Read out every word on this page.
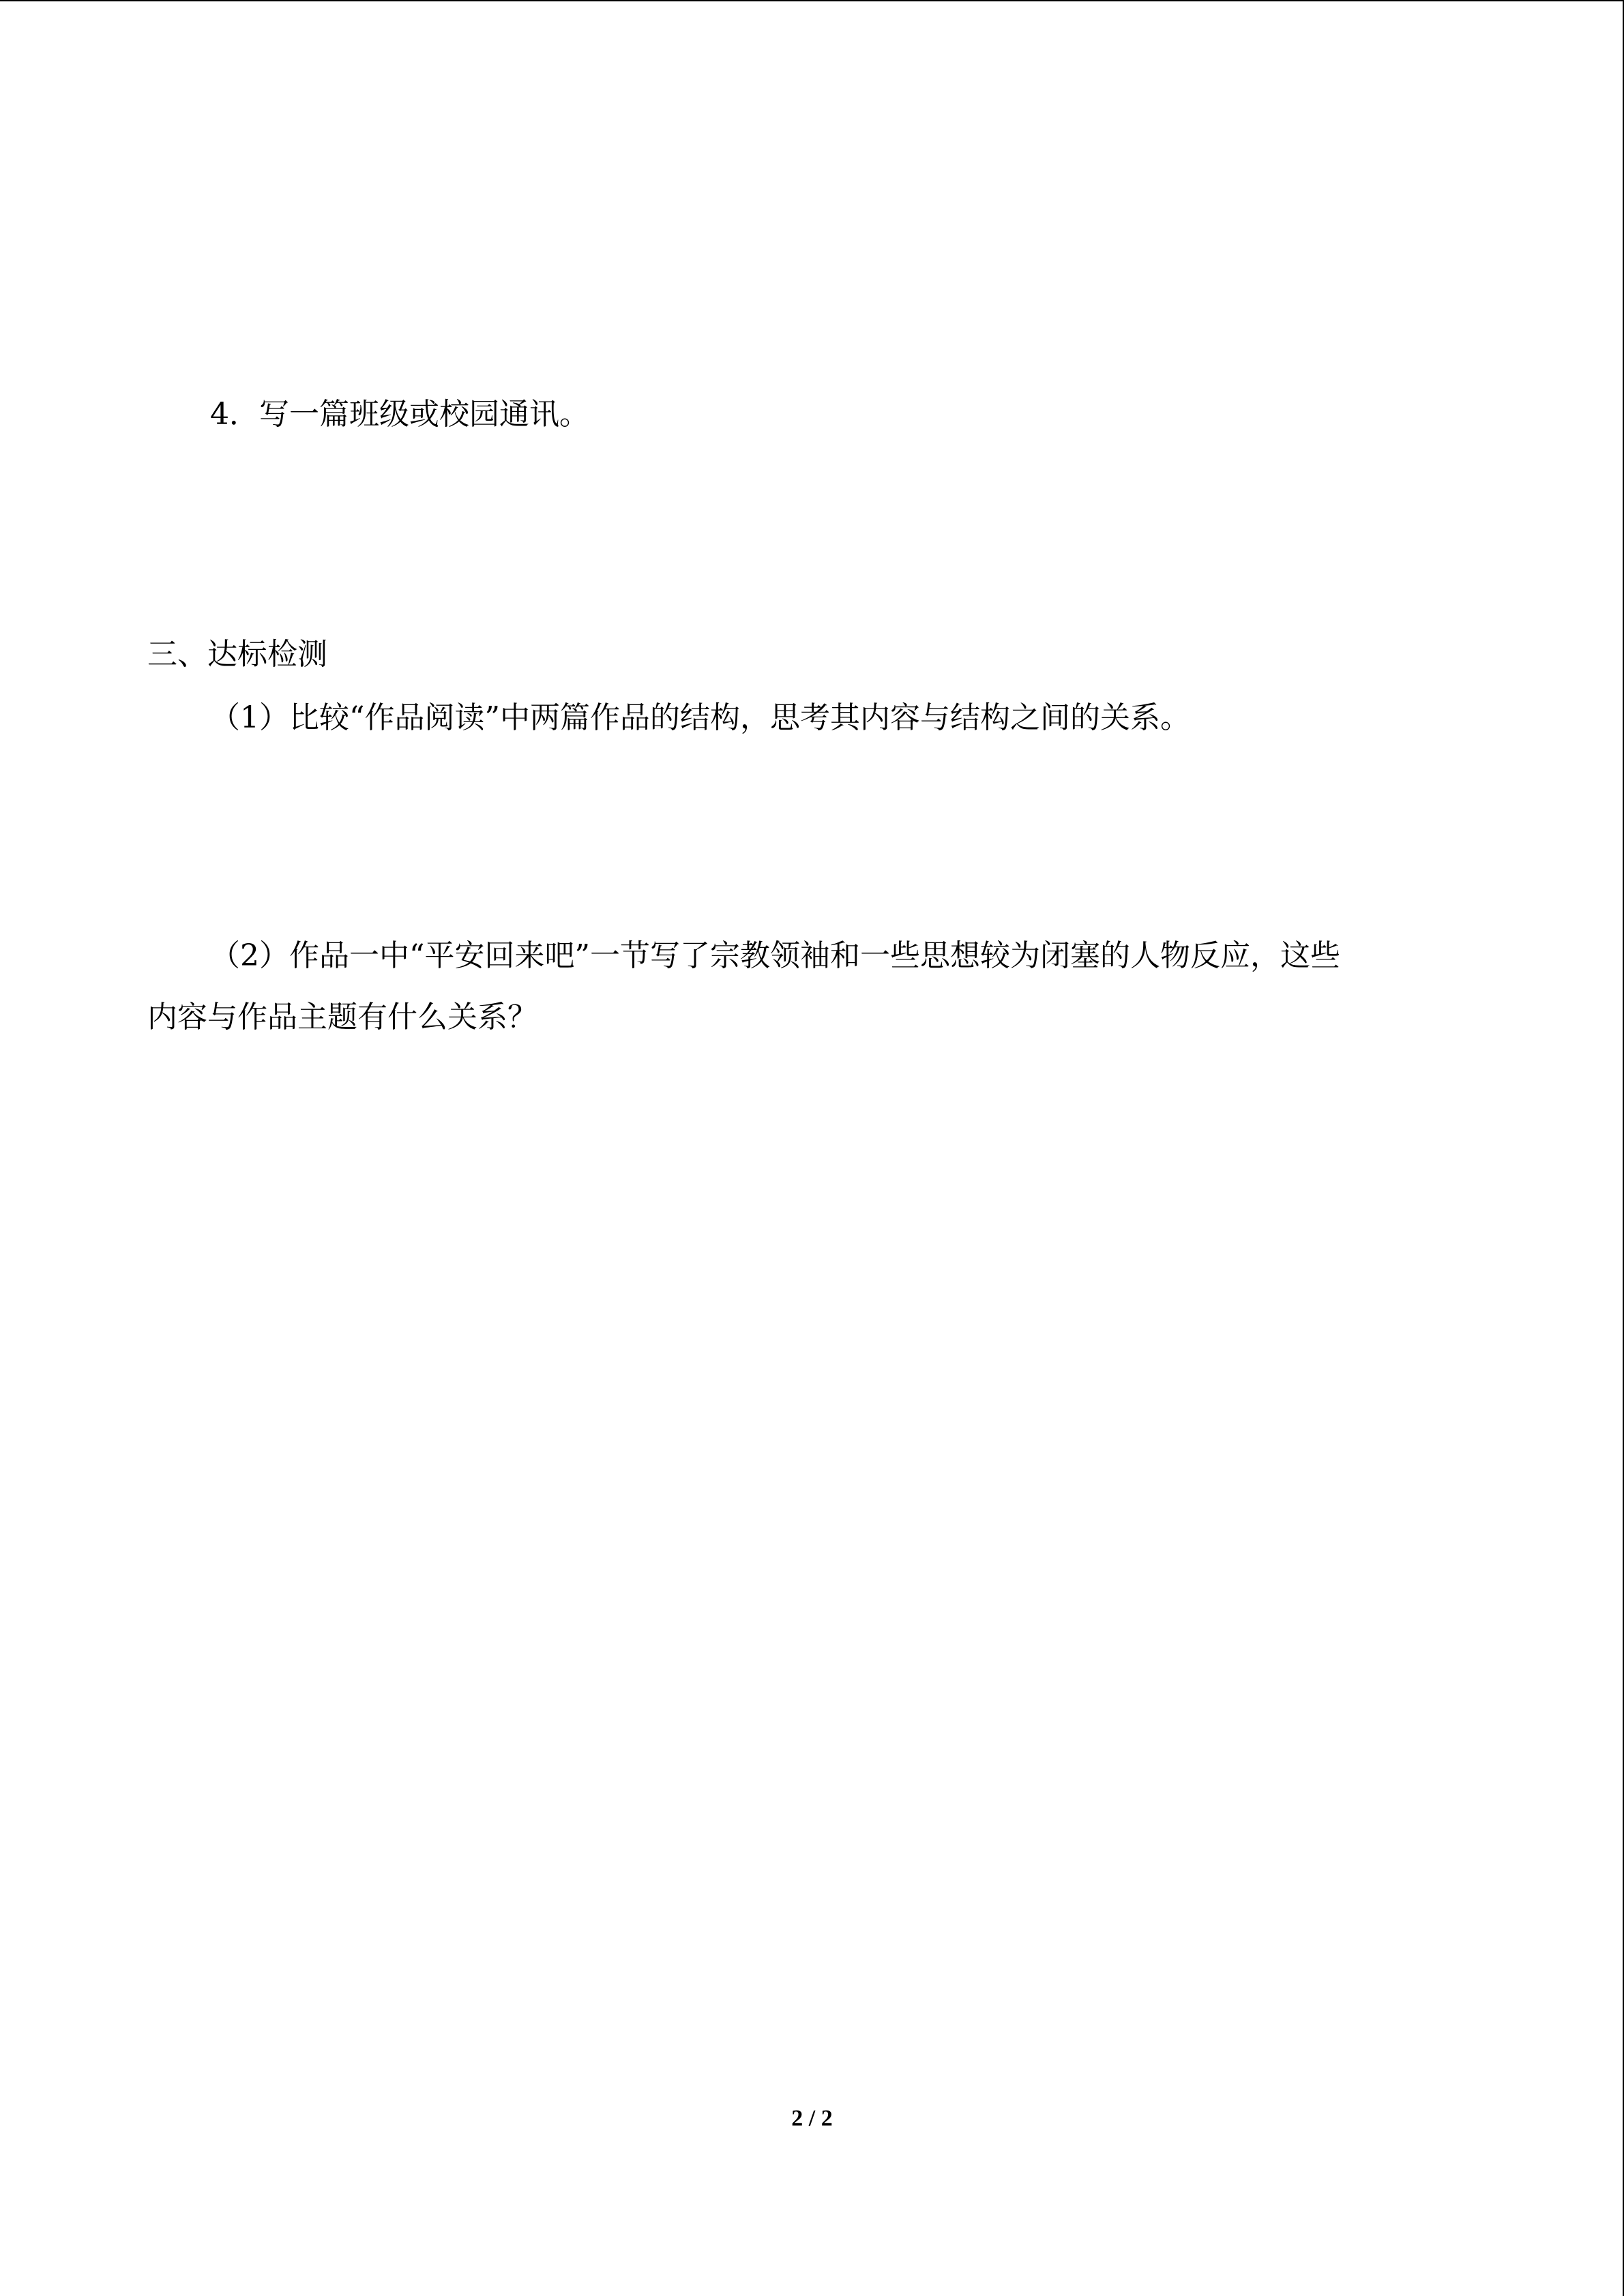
4．写一篇班级或校园通讯。
三、达标检测
（1）比较“作品阅读”中两篇作品的结构，思考其内容与结构之间的关系。
（2）作品一中“平安回来吧”一节写了宗教领袖和一些思想较为闭塞的人物反应，这些
内容与作品主题有什么关系？
2 / 2
